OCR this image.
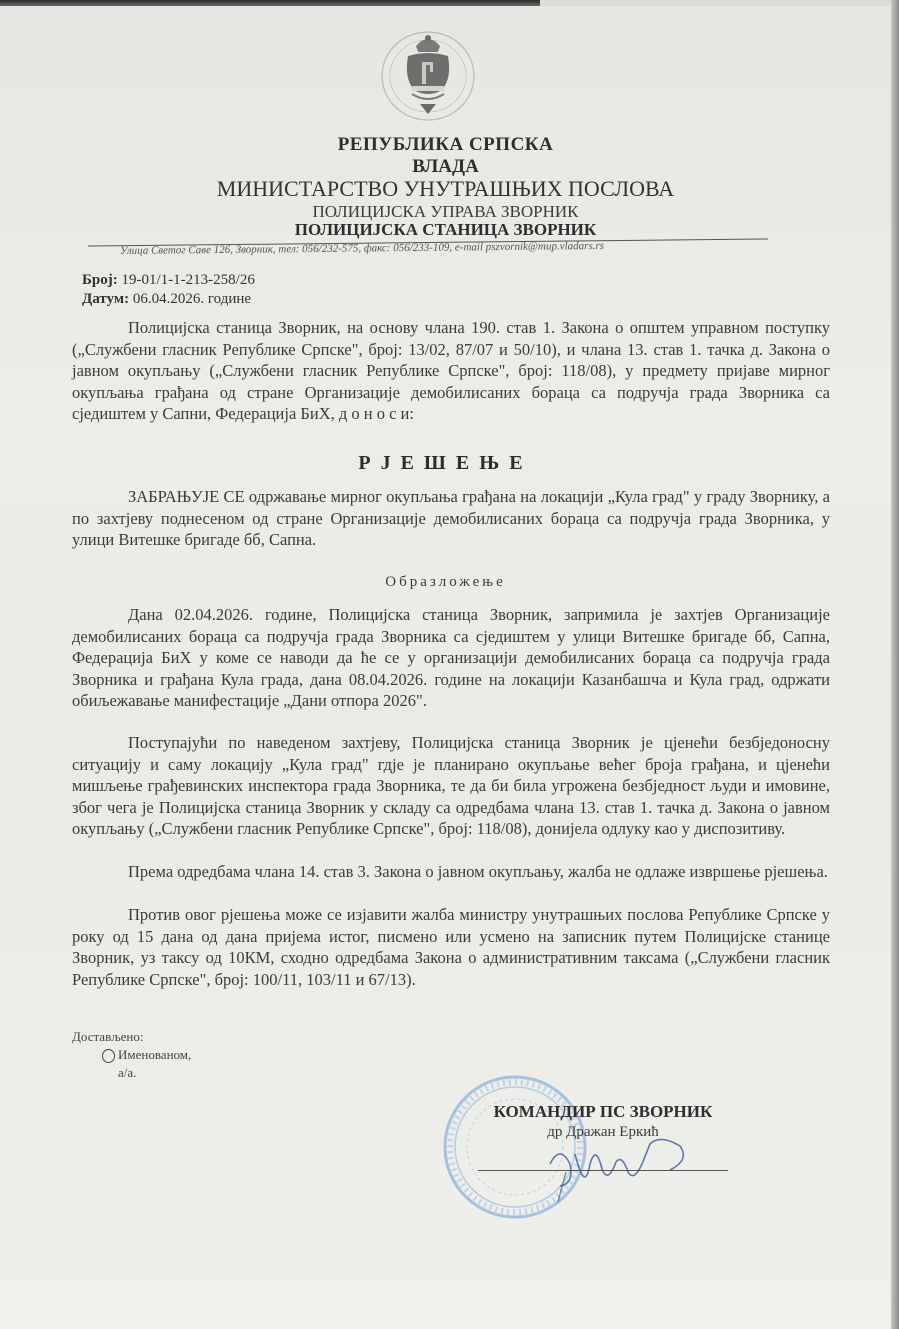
РЕПУБЛИКА СРПСКА
ВЛАДА
МИНИСТАРСТВО УНУТРАШЊИХ ПОСЛОВА
ПОЛИЦИЈСКА УПРАВА ЗВОРНИК
ПОЛИЦИЈСКА СТАНИЦА ЗВОРНИК
Улица Светог Саве 126, Зворник, тел: 056/232-575, факс: 056/233-109, e-mail pszvornik@mup.vladars.rs
Број: 19-01/1-1-213-258/26
Датум: 06.04.2026. године
Полицијска станица Зворник, на основу члана 190. став 1. Закона о општем управном поступку („Службени гласник Републике Српске", број: 13/02, 87/07 и 50/10), и члана 13. став 1. тачка д. Закона о јавном окупљању („Службени гласник Републике Српске", број: 118/08), у предмету пријаве мирног окупљања грађана од стране Организације демобилисаних бораца са подручја града Зворника са сједиштем у Сапни, Федерација БиХ, д о н о с и:
РЈЕШЕЊЕ
ЗАБРАЊУЈЕ СЕ одржавање мирног окупљања грађана на локацији „Кула град" у граду Зворнику, а по захтјеву поднесеном од стране Организације демобилисаних бораца са подручја града Зворника, у улици Витешке бригаде бб, Сапна.
Образложење
Дана 02.04.2026. године, Полицијска станица Зворник, запримила је захтјев Организације демобилисаних бораца са подручја града Зворника са сједиштем у улици Витешке бригаде бб, Сапна, Федерација БиХ у коме се наводи да ће се у организацији демобилисаних бораца са подручја града Зворника и грађана Кула града, дана 08.04.2026. године на локацији Казанбашча и Кула град, одржати обиљежавање манифестације „Дани отпора 2026".
Поступајући по наведеном захтјеву, Полицијска станица Зворник је цјенећи безбједоносну ситуацију и саму локацију „Кула град" гдје је планирано окупљање већег броја грађана, и цјенећи мишљење грађевинских инспектора града Зворника, те да би била угрожена безбједност људи и имовине, због чега је Полицијска станица Зворник у складу са одредбама члана 13. став 1. тачка д. Закона о јавном окупљању („Службени гласник Републике Српске", број: 118/08), донијела одлуку као у диспозитиву.
Према одредбама члана 14. став 3. Закона о јавном окупљању, жалба не одлаже извршење рјешења.
Против овог рјешења може се изјавити жалба министру унутрашњих послова Републике Српске у року од 15 дана од дана пријема истог, писмено или усмено на записник путем Полицијске станице Зворник, уз таксу од 10КМ, сходно одредбама Закона о административним таксама („Службени гласник Републике Српске", број: 100/11, 103/11 и 67/13).
Достављено:
Именованом,
а/а.
КОМАНДИР ПС ЗВОРНИК
др Дражан Еркић
